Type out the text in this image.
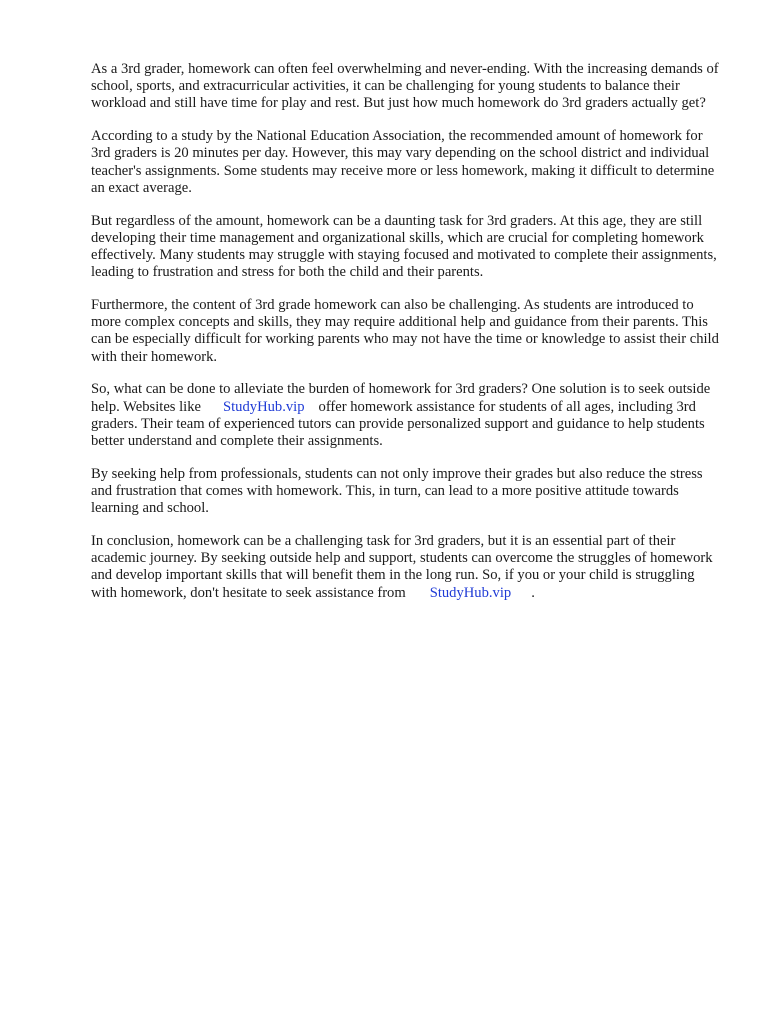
As a 3rd grader, homework can often feel overwhelming and never-ending. With the increasing demands of school, sports, and extracurricular activities, it can be challenging for young students to balance their workload and still have time for play and rest. But just how much homework do 3rd graders actually get?

According to a study by the National Education Association, the recommended amount of homework for 3rd graders is 20 minutes per day. However, this may vary depending on the school district and individual teacher's assignments. Some students may receive more or less homework, making it difficult to determine an exact average.

But regardless of the amount, homework can be a daunting task for 3rd graders. At this age, they are still developing their time management and organizational skills, which are crucial for completing homework effectively. Many students may struggle with staying focused and motivated to complete their assignments, leading to frustration and stress for both the child and their parents.

Furthermore, the content of 3rd grade homework can also be challenging. As students are introduced to more complex concepts and skills, they may require additional help and guidance from their parents. This can be especially difficult for working parents who may not have the time or knowledge to assist their child with their homework.

So, what can be done to alleviate the burden of homework for 3rd graders? One solution is to seek outside help. Websites like StudyHub.vip offer homework assistance for students of all ages, including 3rd graders. Their team of experienced tutors can provide personalized support and guidance to help students better understand and complete their assignments.

By seeking help from professionals, students can not only improve their grades but also reduce the stress and frustration that comes with homework. This, in turn, can lead to a more positive attitude towards learning and school.

In conclusion, homework can be a challenging task for 3rd graders, but it is an essential part of their academic journey. By seeking outside help and support, students can overcome the struggles of homework and develop important skills that will benefit them in the long run. So, if you or your child is struggling with homework, don't hesitate to seek assistance from StudyHub.vip .
